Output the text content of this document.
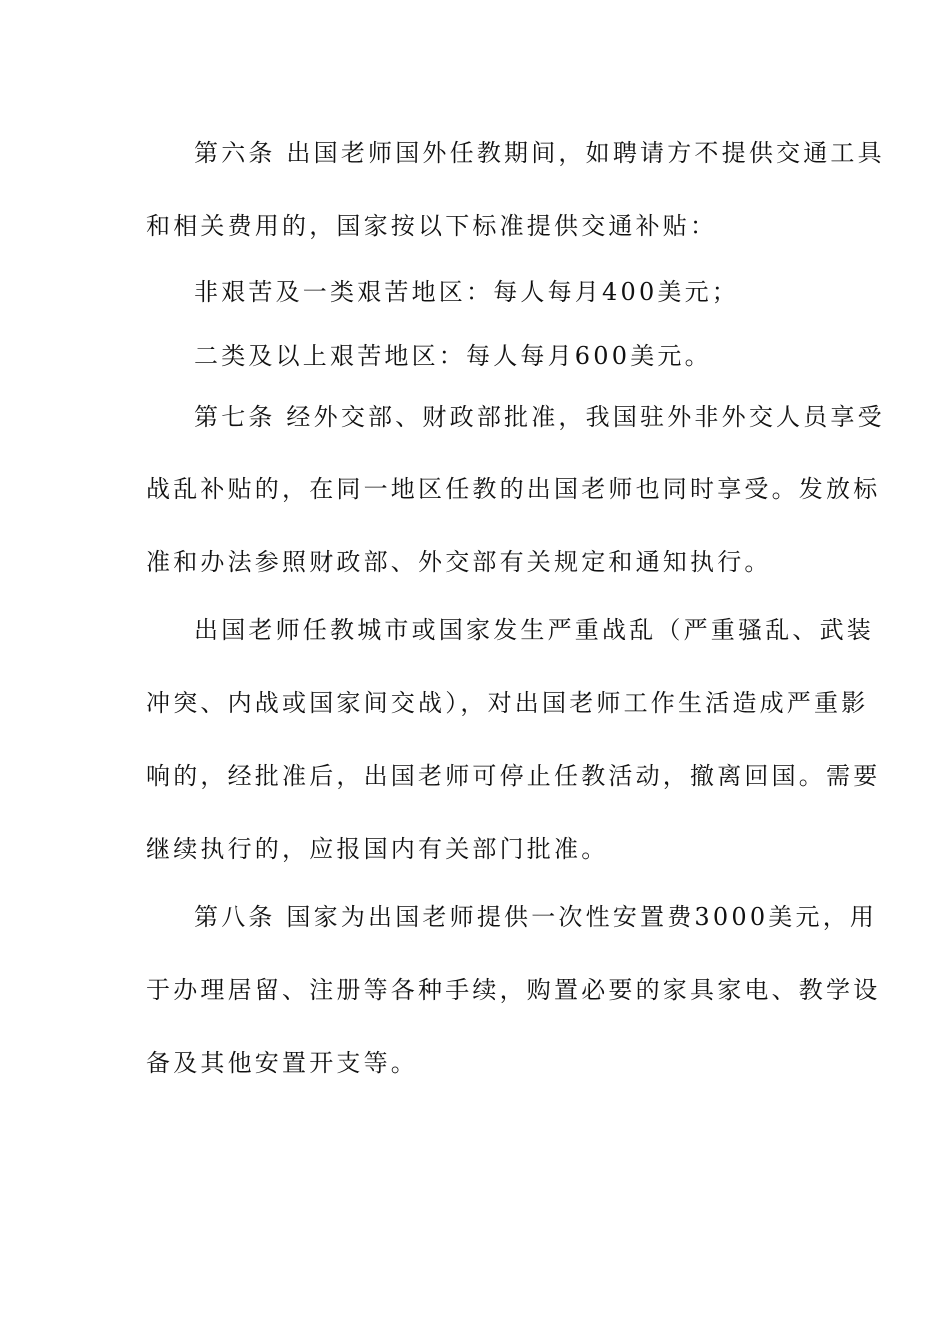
第六条 出国老师国外任教期间，如聘请方不提供交通工具
和相关费用的，国家按以下标准提供交通补贴：
非艰苦及一类艰苦地区：每人每月400美元；
二类及以上艰苦地区：每人每月600美元。
第七条 经外交部、财政部批准，我国驻外非外交人员享受
战乱补贴的，在同一地区任教的出国老师也同时享受。发放标
准和办法参照财政部、外交部有关规定和通知执行。
出国老师任教城市或国家发生严重战乱（严重骚乱、武装
冲突、内战或国家间交战），对出国老师工作生活造成严重影
响的，经批准后，出国老师可停止任教活动，撤离回国。需要
继续执行的，应报国内有关部门批准。
第八条 国家为出国老师提供一次性安置费3000美元，用
于办理居留、注册等各种手续，购置必要的家具家电、教学设
备及其他安置开支等。
